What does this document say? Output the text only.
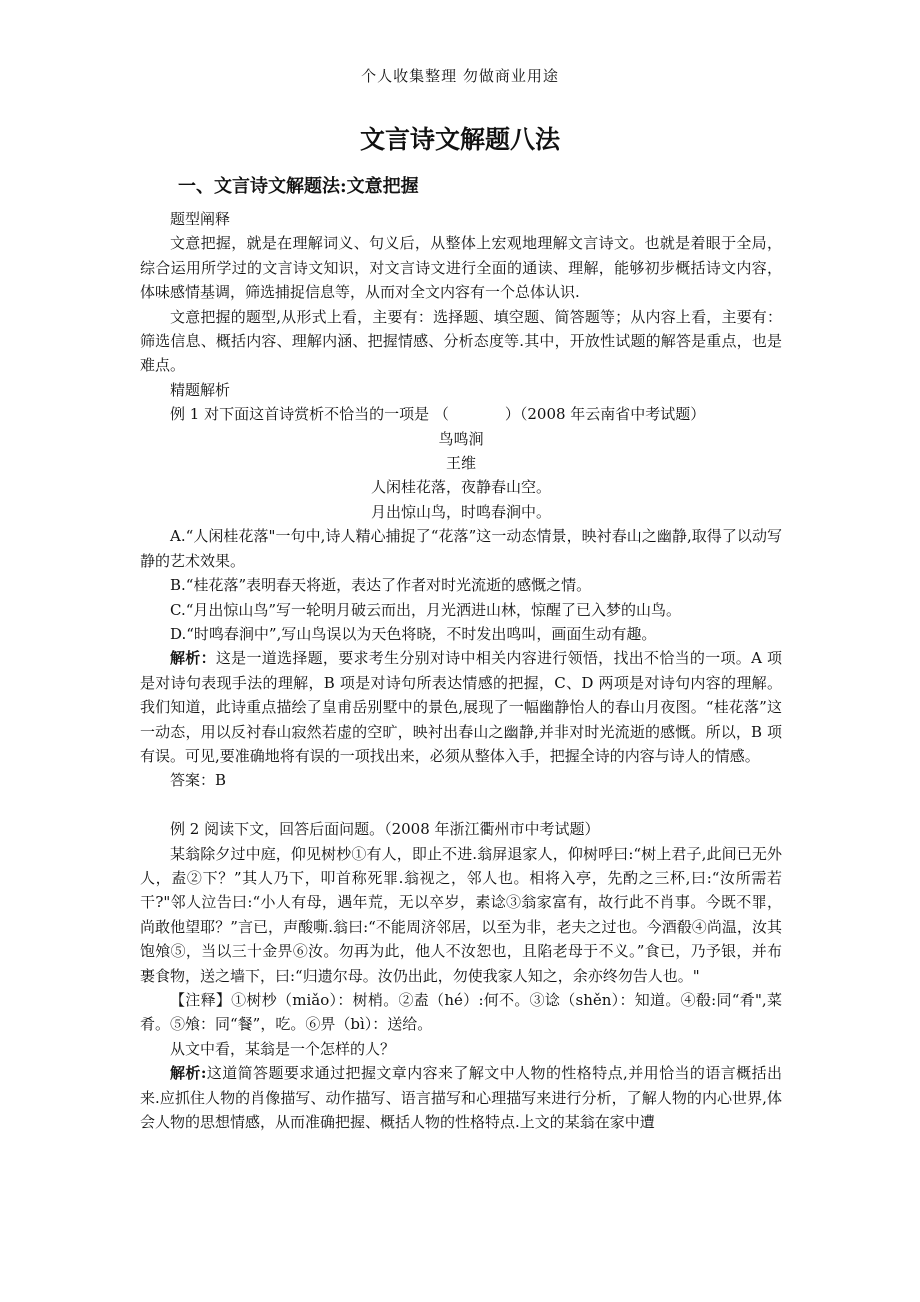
个人收集整理 勿做商业用途
文言诗文解题八法
一、文言诗文解题法:文意把握

题型阐释

文意把握，就是在理解词义、句义后，从整体上宏观地理解文言诗文。也就是着眼于全局，综合运用所学过的文言诗文知识，对文言诗文进行全面的通读、理解，能够初步概括诗文内容，体味感情基调，筛选捕捉信息等，从而对全文内容有一个总体认识.

文意把握的题型,从形式上看，主要有：选择题、填空题、简答题等；从内容上看，主要有：筛选信息、概括内容、理解内涵、把握情感、分析态度等.其中，开放性试题的解答是重点，也是难点。

精题解析

例 1 对下面这首诗赏析不恰当的一项是 （	）（2008 年云南省中考试题）

鸟鸣涧

王维

人闲桂花落，夜静春山空。

月出惊山鸟，时鸣春涧中。

A.“人闲桂花落"一句中,诗人精心捕捉了“花落”这一动态情景，映衬春山之幽静,取得了以动写静的艺术效果。

B.“桂花落”表明春天将逝，表达了作者对时光流逝的感慨之情。

C.“月出惊山鸟”写一轮明月破云而出，月光洒进山林，惊醒了已入梦的山鸟。

D.“时鸣春涧中”,写山鸟误以为天色将晓，不时发出鸣叫，画面生动有趣。

解析：这是一道选择题，要求考生分别对诗中相关内容进行领悟，找出不恰当的一项。A 项是对诗句表现手法的理解，B 项是对诗句所表达情感的把握，C、D 两项是对诗句内容的理解。我们知道，此诗重点描绘了皇甫岳别墅中的景色,展现了一幅幽静怡人的春山月夜图。“桂花落”这一动态，用以反衬春山寂然若虚的空旷，映衬出春山之幽静,并非对时光流逝的感慨。所以，B 项有误。可见,要准确地将有误的一项找出来，必须从整体入手，把握全诗的内容与诗人的情感。

答案：B

例 2 阅读下文，回答后面问题。（2008 年浙江衢州市中考试题）

某翁除夕过中庭，仰见树杪①有人，即止不进.翁屏退家人，仰树呼曰:“树上君子,此间已无外人，盍②下？”其人乃下，叩首称死罪.翁视之，邻人也。相将入亭，先酌之三杯,曰:“汝所需若干?"邻人泣告曰:“小人有母，遇年荒，无以卒岁，素谂③翁家富有，故行此不肖事。今既不罪，尚敢他望耶？”言已，声酸嘶.翁曰:“不能周济邻居，以至为非，老夫之过也。今酒殽④尚温，汝其饱飧⑤，当以三十金畀⑥汝。勿再为此，他人不汝恕也，且陷老母于不义。”食已，乃予银，并布裹食物，送之墙下，曰:“归遗尔母。汝仍出此，勿使我家人知之，余亦终勿告人也。"

【注释】①树杪（miǎo）：树梢。②盍（hé）:何不。③谂（shěn）：知道。④殽:同“肴",菜肴。⑤飧：同“餐”，吃。⑥畀（bì）：送给。

从文中看，某翁是一个怎样的人？

解析:这道简答题要求通过把握文章内容来了解文中人物的性格特点,并用恰当的语言概括出来.应抓住人物的肖像描写、动作描写、语言描写和心理描写来进行分析，了解人物的内心世界,体会人物的思想情感，从而准确把握、概括人物的性格特点.上文的某翁在家中遭
